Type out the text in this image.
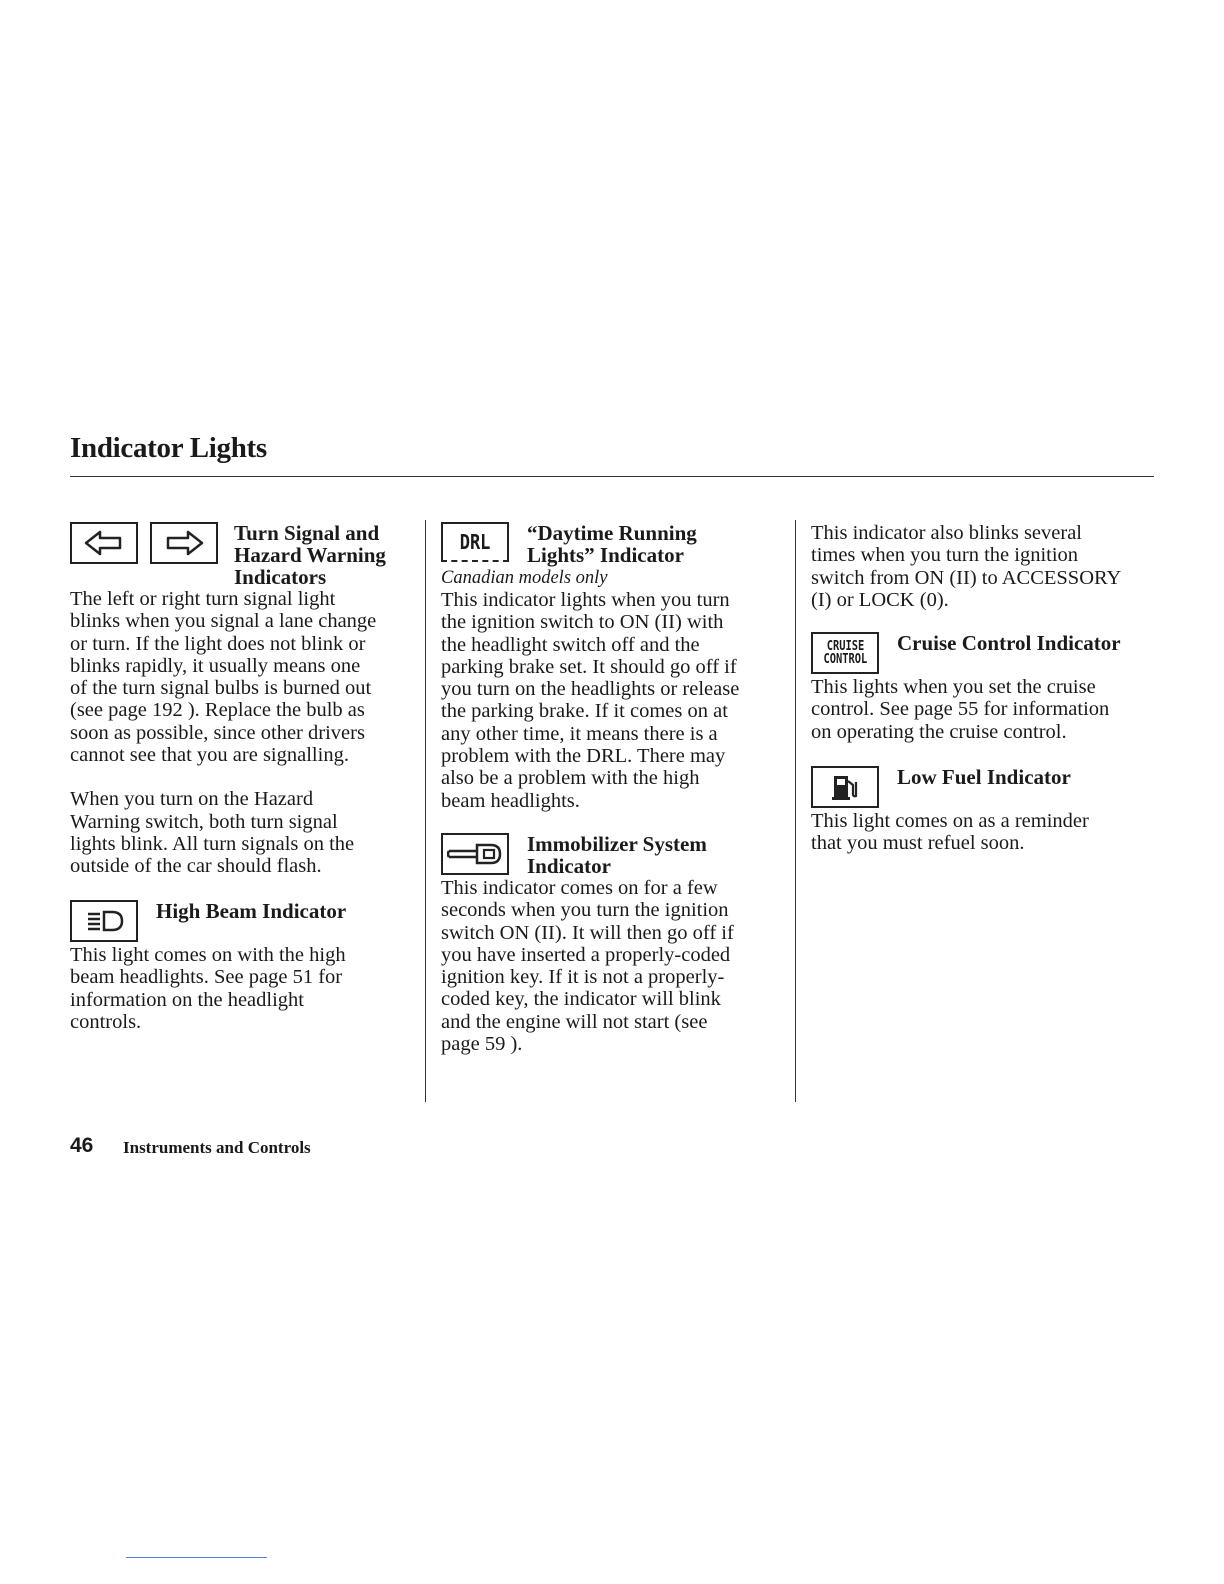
Indicator Lights
Turn Signal and
Hazard Warning
Indicators

The left or right turn signal light
blinks when you signal a lane change
or turn. If the light does not blink or
blinks rapidly, it usually means one
of the turn signal bulbs is burned out
(see page 192 ). Replace the bulb as
soon as possible, since other drivers
cannot see that you are signalling.

When you turn on the Hazard
Warning switch, both turn signal
lights blink. All turn signals on the
outside of the car should flash.

High Beam Indicator

This light comes on with the high
beam headlights. See page 51 for
information on the headlight
controls.

DRL “Daytime Running
Lights” Indicator
Canadian models only

This indicator lights when you turn
the ignition switch to ON (II) with
the headlight switch off and the
parking brake set. It should go off if
you turn on the headlights or release
the parking brake. If it comes on at
any other time, it means there is a
problem with the DRL. There may
also be a problem with the high
beam headlights.

Immobilizer System
Indicator

This indicator comes on for a few
seconds when you turn the ignition
switch ON (II). It will then go off if
you have inserted a properly-coded
ignition key. If it is not a properly-
coded key, the indicator will blink
and the engine will not start (see
page 59 ).

This indicator also blinks several
times when you turn the ignition
switch from ON (II) to ACCESSORY
(I) or LOCK (0).

CRUISE
CONTROL
Cruise Control Indicator

This lights when you set the cruise
control. See page 55 for information
on operating the cruise control.

Low Fuel Indicator

This light comes on as a reminder
that you must refuel soon.

46 Instruments and Controls
